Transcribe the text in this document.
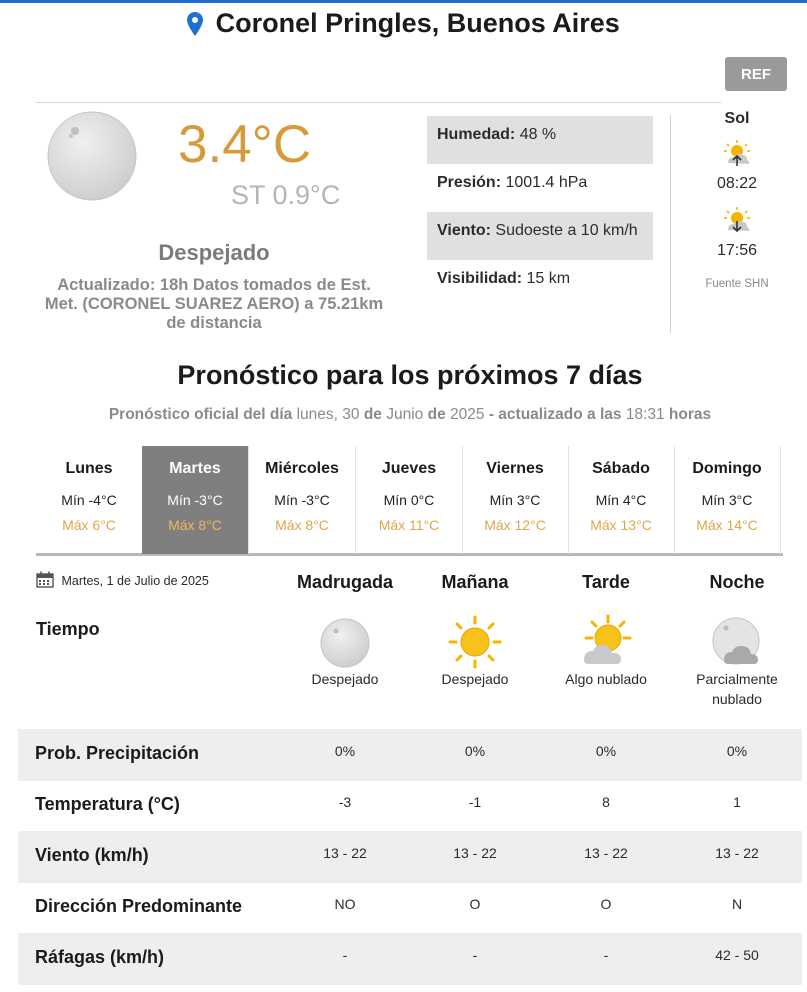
Coronel Pringles, Buenos Aires
REF
3.4°C
ST 0.9°C
Despejado
Actualizado: 18h Datos tomados de Est. Met. (CORONEL SUAREZ AERO) a 75.21km de distancia
Humedad: 48 %
Presión: 1001.4 hPa
Viento: Sudoeste a 10 km/h
Visibilidad: 15 km
Sol
08:22
17:56
Fuente SHN
Pronóstico para los próximos 7 días
Pronóstico oficial del día lunes, 30 de Junio de 2025 - actualizado a las 18:31 horas
Lunes
Mín -4°C
Máx 6°C
Martes
Mín -3°C
Máx 8°C
Miércoles
Mín -3°C
Máx 8°C
Jueves
Mín 0°C
Máx 11°C
Viernes
Mín 3°C
Máx 12°C
Sábado
Mín 4°C
Máx 13°C
Domingo
Mín 3°C
Máx 14°C
Martes, 1 de Julio de 2025	Madrugada	Mañana	Tarde	Noche
Tiempo
Despejado	Despejado	Algo nublado	Parcialmente nublado
Prob. Precipitación	0%	0%	0%	0%
Temperatura (°C)	-3	-1	8	1
Viento (km/h)	13 - 22	13 - 22	13 - 22	13 - 22
Dirección Predominante	NO	O	O	N
Ráfagas (km/h)	-	-	-	42 - 50
